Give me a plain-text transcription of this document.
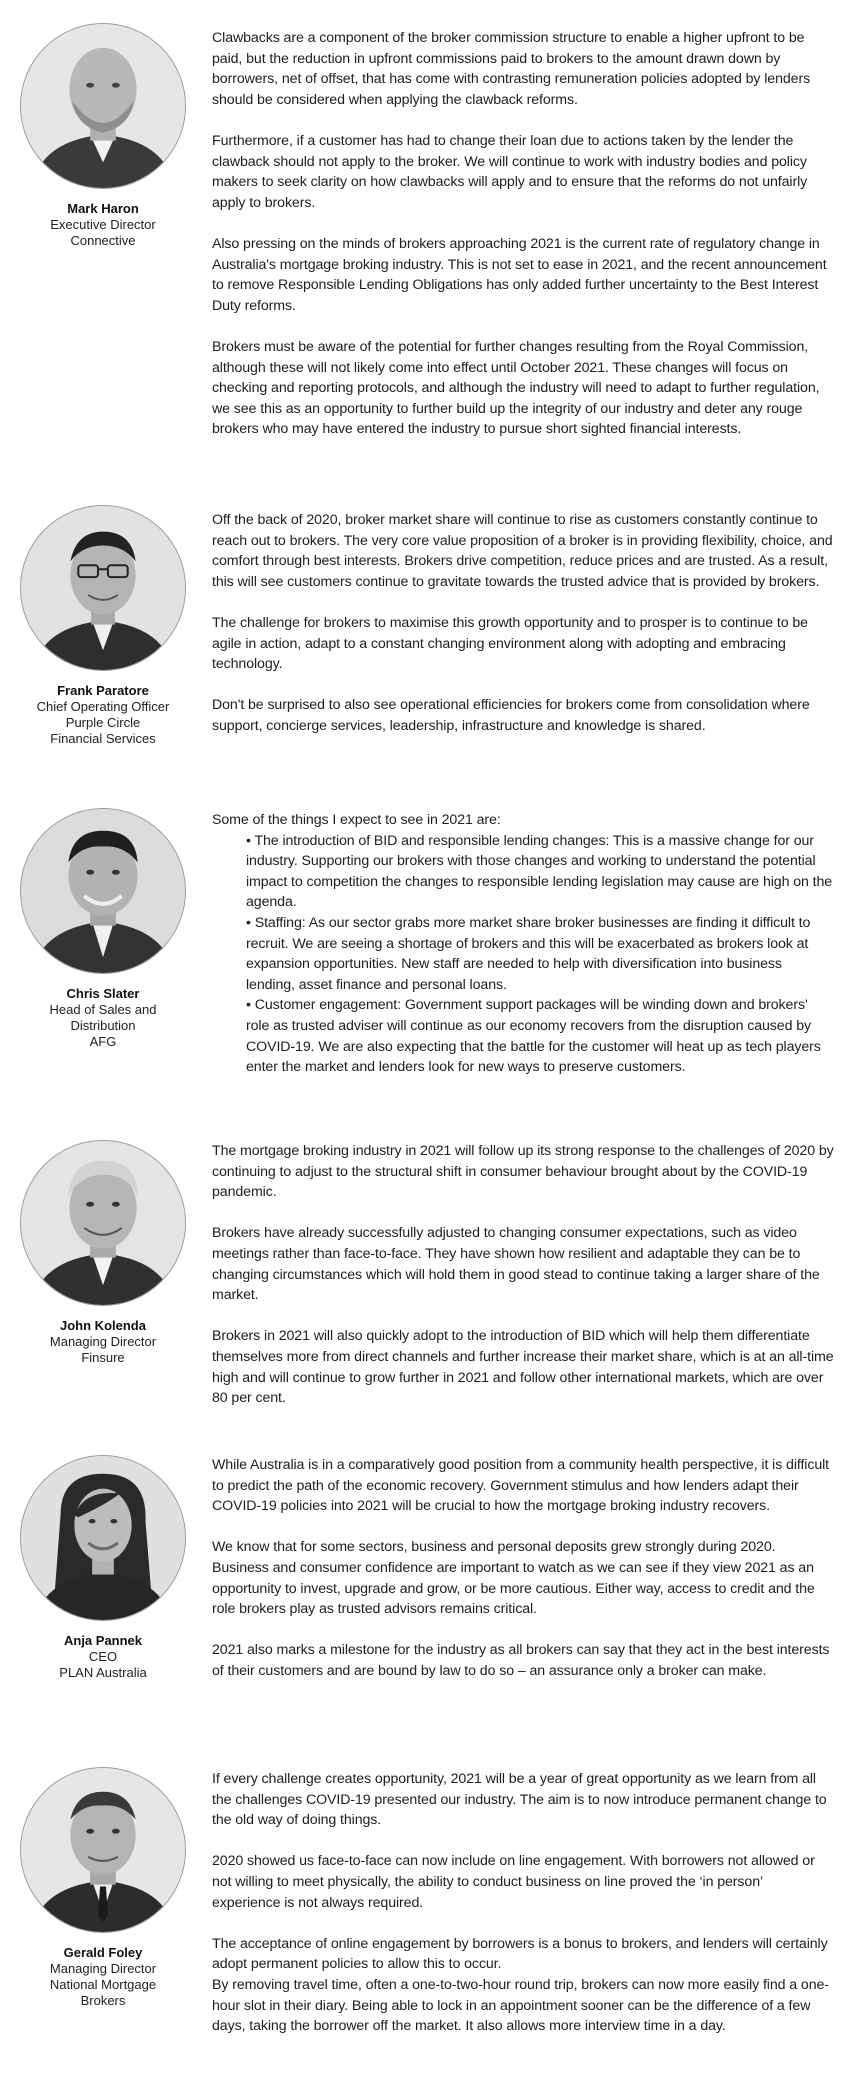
Mark Haron
Executive Director
Connective

Clawbacks are a component of the broker commission structure to enable a higher upfront to be paid, but the reduction in upfront commissions paid to brokers to the amount drawn down by borrowers, net of offset, that has come with contrasting remuneration policies adopted by lenders should be considered when applying the clawback reforms.

Furthermore, if a customer has had to change their loan due to actions taken by the lender the clawback should not apply to the broker. We will continue to work with industry bodies and policy makers to seek clarity on how clawbacks will apply and to ensure that the reforms do not unfairly apply to brokers.

Also pressing on the minds of brokers approaching 2021 is the current rate of regulatory change in Australia's mortgage broking industry. This is not set to ease in 2021, and the recent announcement to remove Responsible Lending Obligations has only added further uncertainty to the Best Interest Duty reforms.

Brokers must be aware of the potential for further changes resulting from the Royal Commission, although these will not likely come into effect until October 2021. These changes will focus on checking and reporting protocols, and although the industry will need to adapt to further regulation, we see this as an opportunity to further build up the integrity of our industry and deter any rouge brokers who may have entered the industry to pursue short sighted financial interests.

Frank Paratore
Chief Operating Officer
Purple Circle
Financial Services

Off the back of 2020, broker market share will continue to rise as customers constantly continue to reach out to brokers. The very core value proposition of a broker is in providing flexibility, choice, and comfort through best interests. Brokers drive competition, reduce prices and are trusted. As a result, this will see customers continue to gravitate towards the trusted advice that is provided by brokers.

The challenge for brokers to maximise this growth opportunity and to prosper is to continue to be agile in action, adapt to a constant changing environment along with adopting and embracing technology.

Don't be surprised to also see operational efficiencies for brokers come from consolidation where support, concierge services, leadership, infrastructure and knowledge is shared.

Chris Slater
Head of Sales and
Distribution
AFG

Some of the things I expect to see in 2021 are:

• The introduction of BID and responsible lending changes: This is a massive change for our industry. Supporting our brokers with those changes and working to understand the potential impact to competition the changes to responsible lending legislation may cause are high on the agenda.

• Staffing: As our sector grabs more market share broker businesses are finding it difficult to recruit. We are seeing a shortage of brokers and this will be exacerbated as brokers look at expansion opportunities. New staff are needed to help with diversification into business lending, asset finance and personal loans.

• Customer engagement: Government support packages will be winding down and brokers' role as trusted adviser will continue as our economy recovers from the disruption caused by COVID-19. We are also expecting that the battle for the customer will heat up as tech players enter the market and lenders look for new ways to preserve customers.

John Kolenda
Managing Director
Finsure

The mortgage broking industry in 2021 will follow up its strong response to the challenges of 2020 by continuing to adjust to the structural shift in consumer behaviour brought about by the COVID-19 pandemic.

Brokers have already successfully adjusted to changing consumer expectations, such as video meetings rather than face-to-face. They have shown how resilient and adaptable they can be to changing circumstances which will hold them in good stead to continue taking a larger share of the market.

Brokers in 2021 will also quickly adopt to the introduction of BID which will help them differentiate themselves more from direct channels and further increase their market share, which is at an all-time high and will continue to grow further in 2021 and follow other international markets, which are over 80 per cent.

Anja Pannek
CEO
PLAN Australia

While Australia is in a comparatively good position from a community health perspective, it is difficult to predict the path of the economic recovery. Government stimulus and how lenders adapt their COVID-19 policies into 2021 will be crucial to how the mortgage broking industry recovers.

We know that for some sectors, business and personal deposits grew strongly during 2020. Business and consumer confidence are important to watch as we can see if they view 2021 as an opportunity to invest, upgrade and grow, or be more cautious. Either way, access to credit and the role brokers play as trusted advisors remains critical.

2021 also marks a milestone for the industry as all brokers can say that they act in the best interests of their customers and are bound by law to do so – an assurance only a broker can make.

Gerald Foley
Managing Director
National Mortgage
Brokers

If every challenge creates opportunity, 2021 will be a year of great opportunity as we learn from all the challenges COVID-19 presented our industry. The aim is to now introduce permanent change to the old way of doing things.

2020 showed us face-to-face can now include on line engagement. With borrowers not allowed or not willing to meet physically, the ability to conduct business on line proved the ‘in person’ experience is not always required.

The acceptance of online engagement by borrowers is a bonus to brokers, and lenders will certainly adopt permanent policies to allow this to occur.

By removing travel time, often a one-to-two-hour round trip, brokers can now more easily find a one-hour slot in their diary. Being able to lock in an appointment sooner can be the difference of a few days, taking the borrower off the market. It also allows more interview time in a day.
